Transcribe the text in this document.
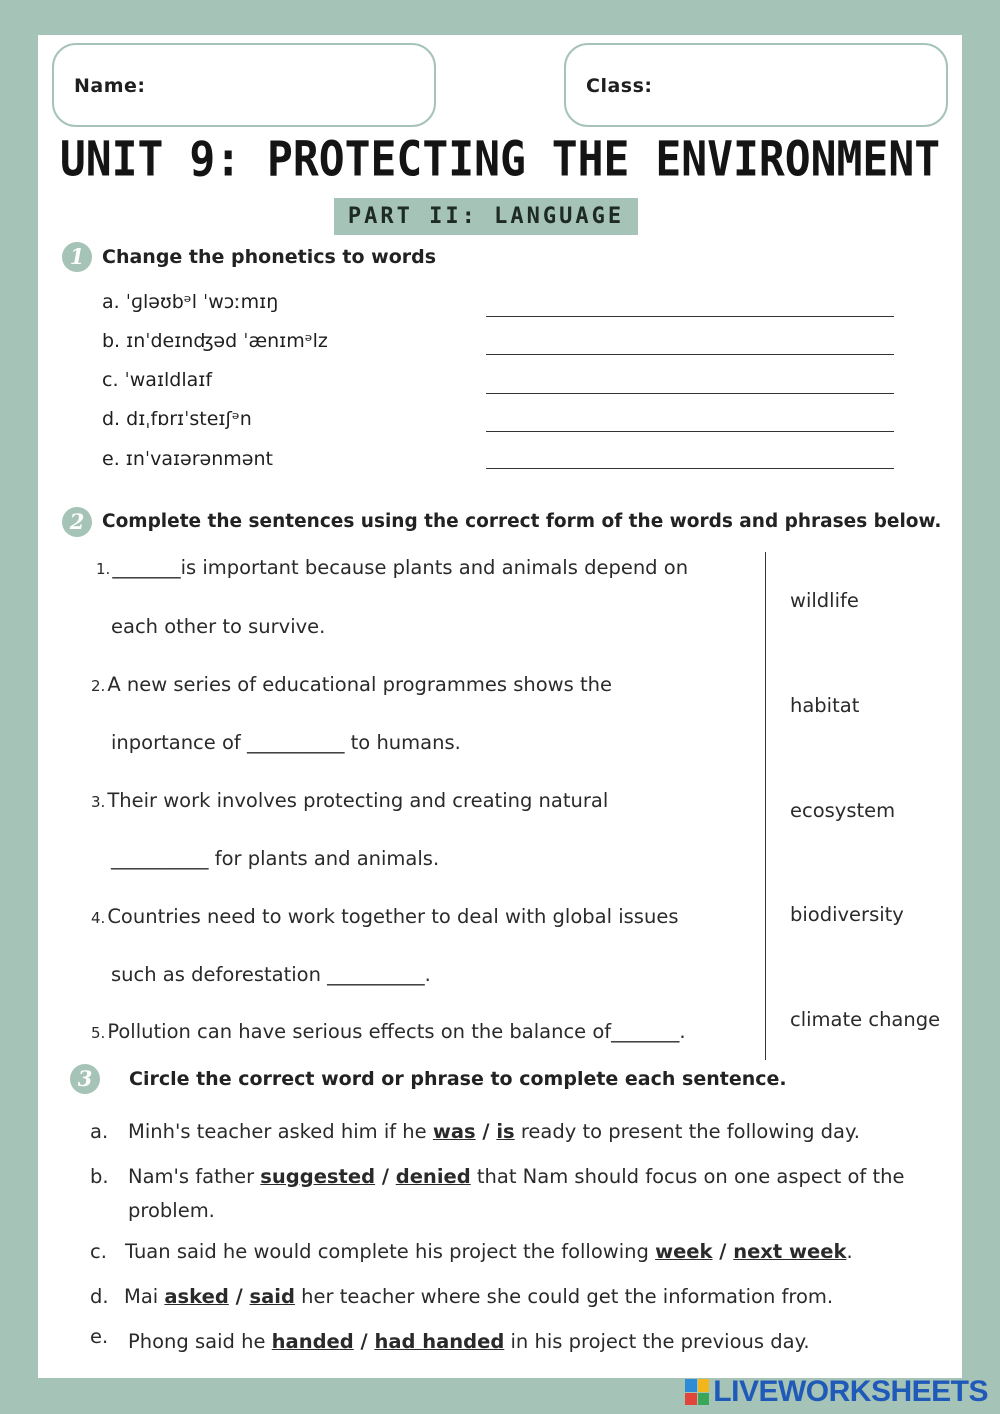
Name:	Class:
UNIT 9: PROTECTING THE ENVIRONMENT
PART II: LANGUAGE
1 Change the phonetics to words
a. ˈɡləʊbᵊl ˈwɔːmɪŋ
b. ɪnˈdeɪnʤəd ˈænɪmᵊlz
c. ˈwaɪldlaɪf
d. dɪˌfɒrɪˈsteɪʃᵊn
e. ɪnˈvaɪərənmənt
2 Complete the sentences using the correct form of the words and phrases below.
1. _______is important because plants and animals depend on
each other to survive.
2. A new series of educational programmes shows the
inportance of __________ to humans.
3. Their work involves protecting and creating natural
__________ for plants and animals.
4. Countries need to work together to deal with global issues
such as deforestation __________.
5. Pollution can have serious effects on the balance of_______.
wildlife
habitat
ecosystem
biodiversity
climate change
3	Circle the correct word or phrase to complete each sentence.
a. Minh's teacher asked him if he was / is ready to present the following day.
b. Nam's father suggested / denied that Nam should focus on one aspect of the
problem.
c. Tuan said he would complete his project the following week / next week.
d. Mai asked / said her teacher where she could get the information from.
e. Phong said he handed / had handed in his project the previous day.
LIVEWORKSHEETS
